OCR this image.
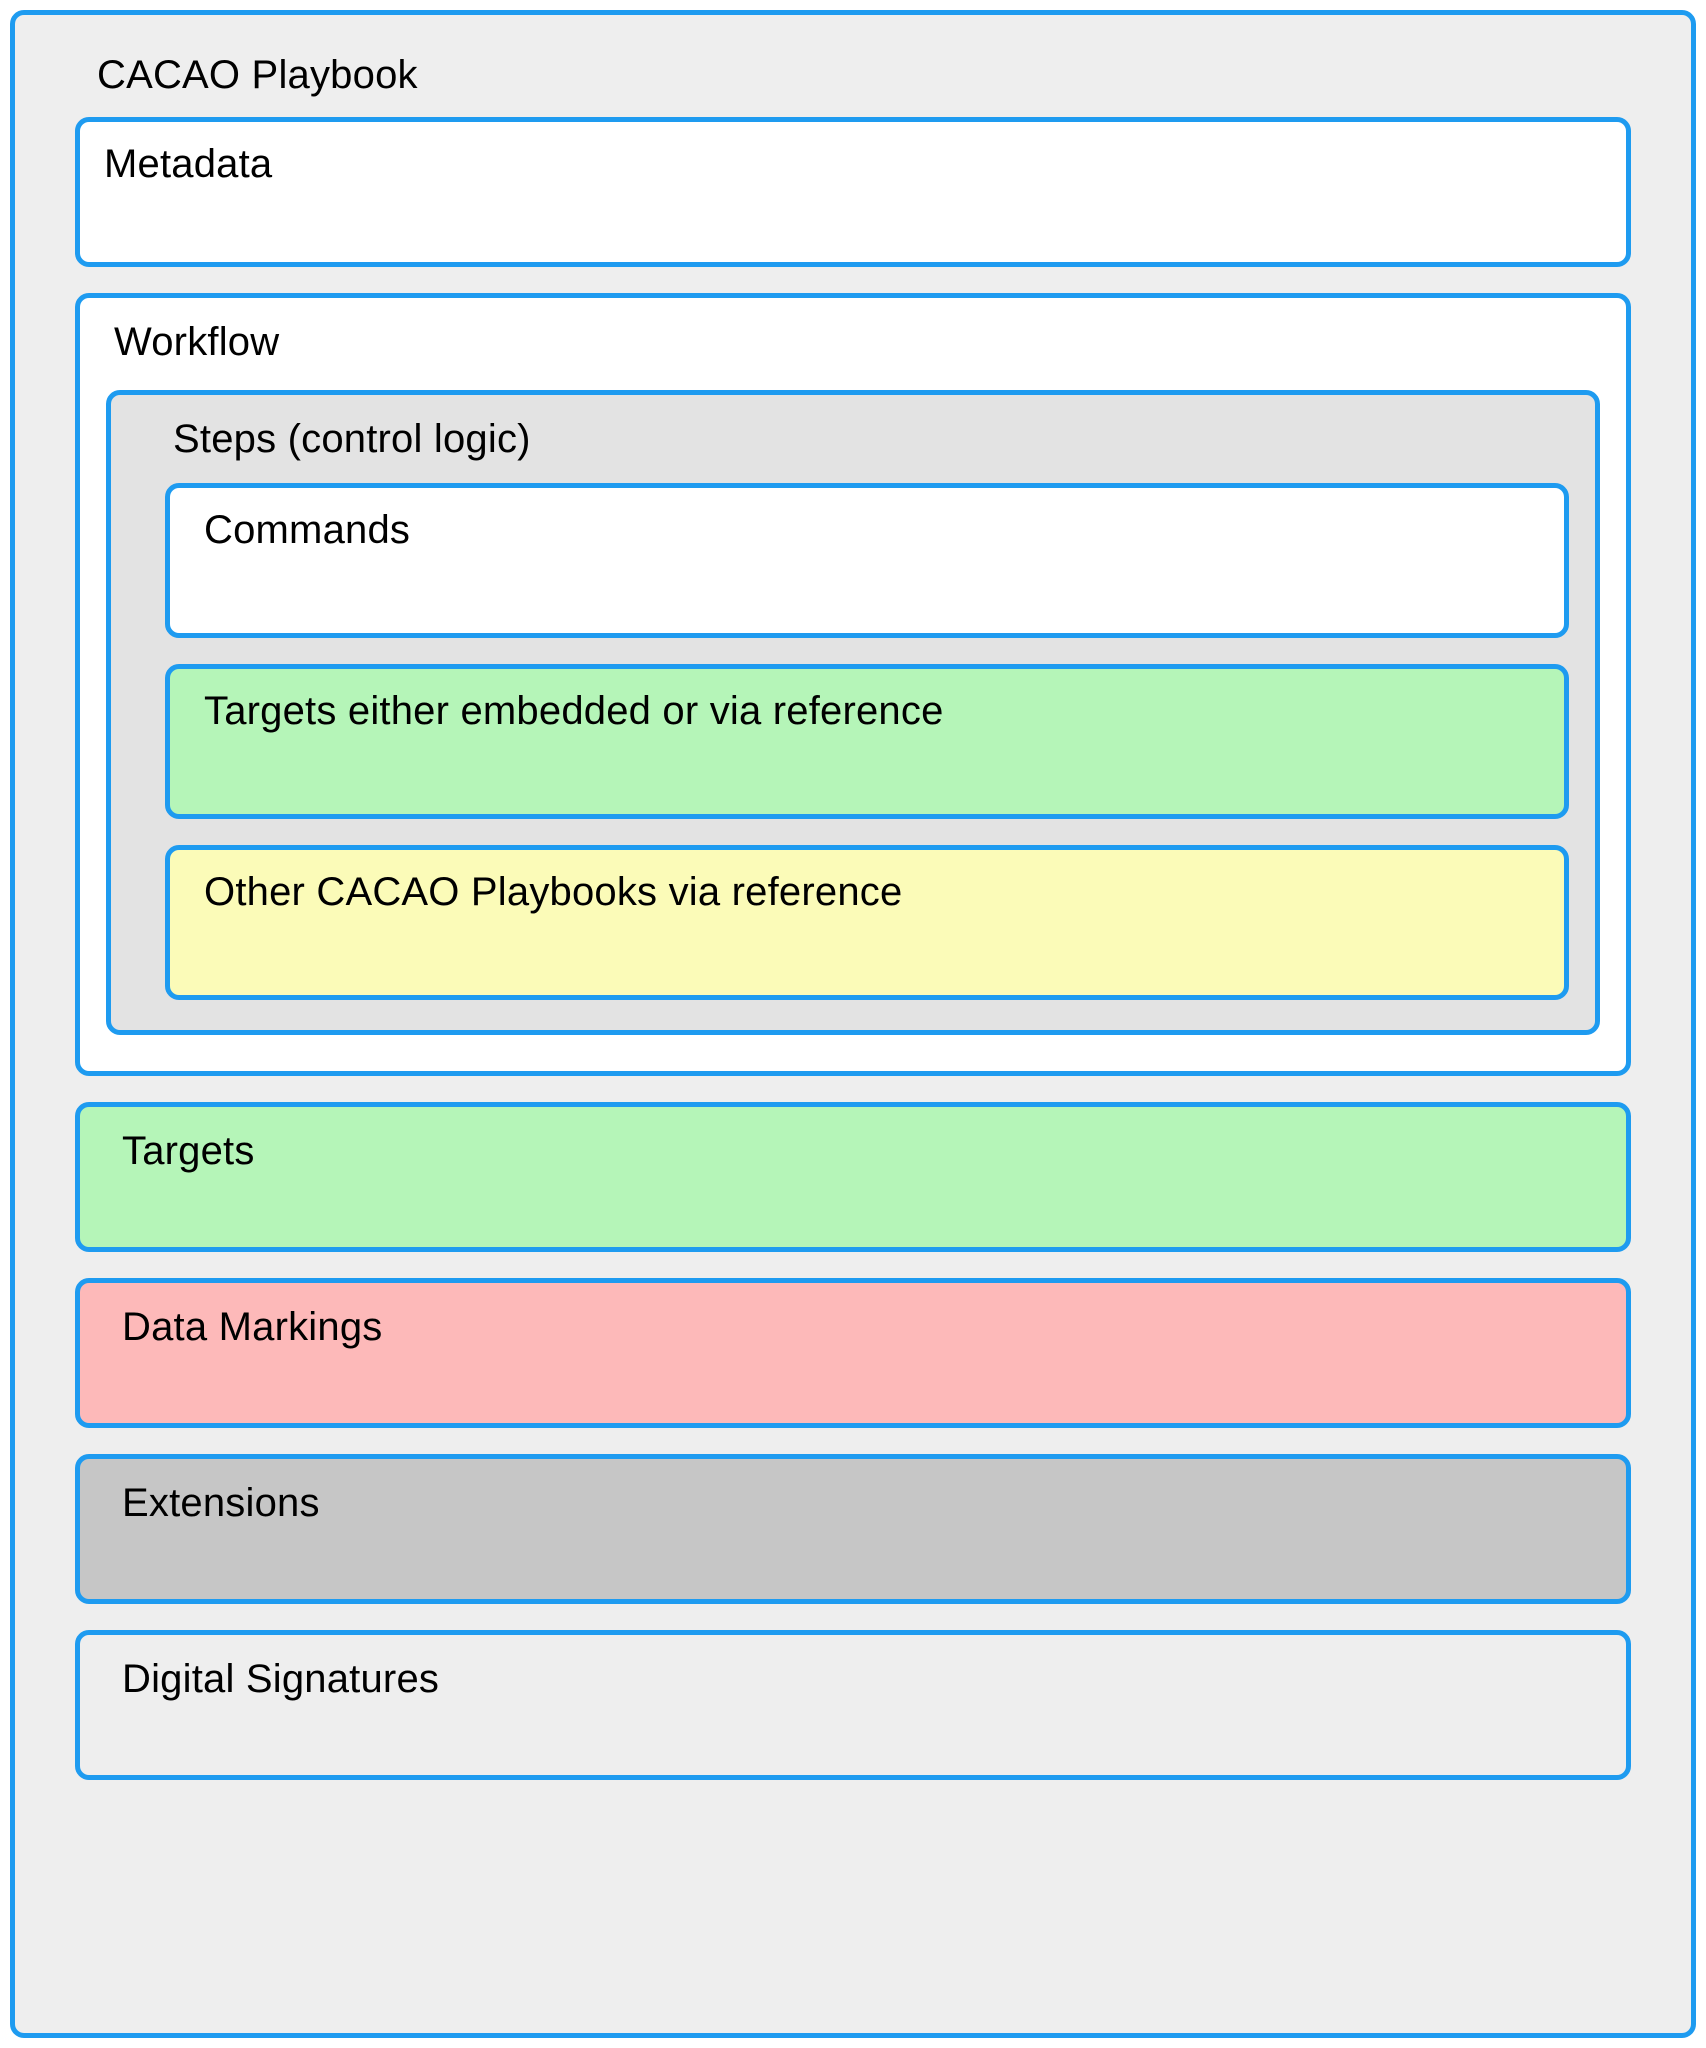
CACAO Playbook
Metadata
Workflow
Steps (control logic)
Commands
Targets either embedded or via reference
Other CACAO Playbooks via reference
Targets
Data Markings
Extensions
Digital Signatures
